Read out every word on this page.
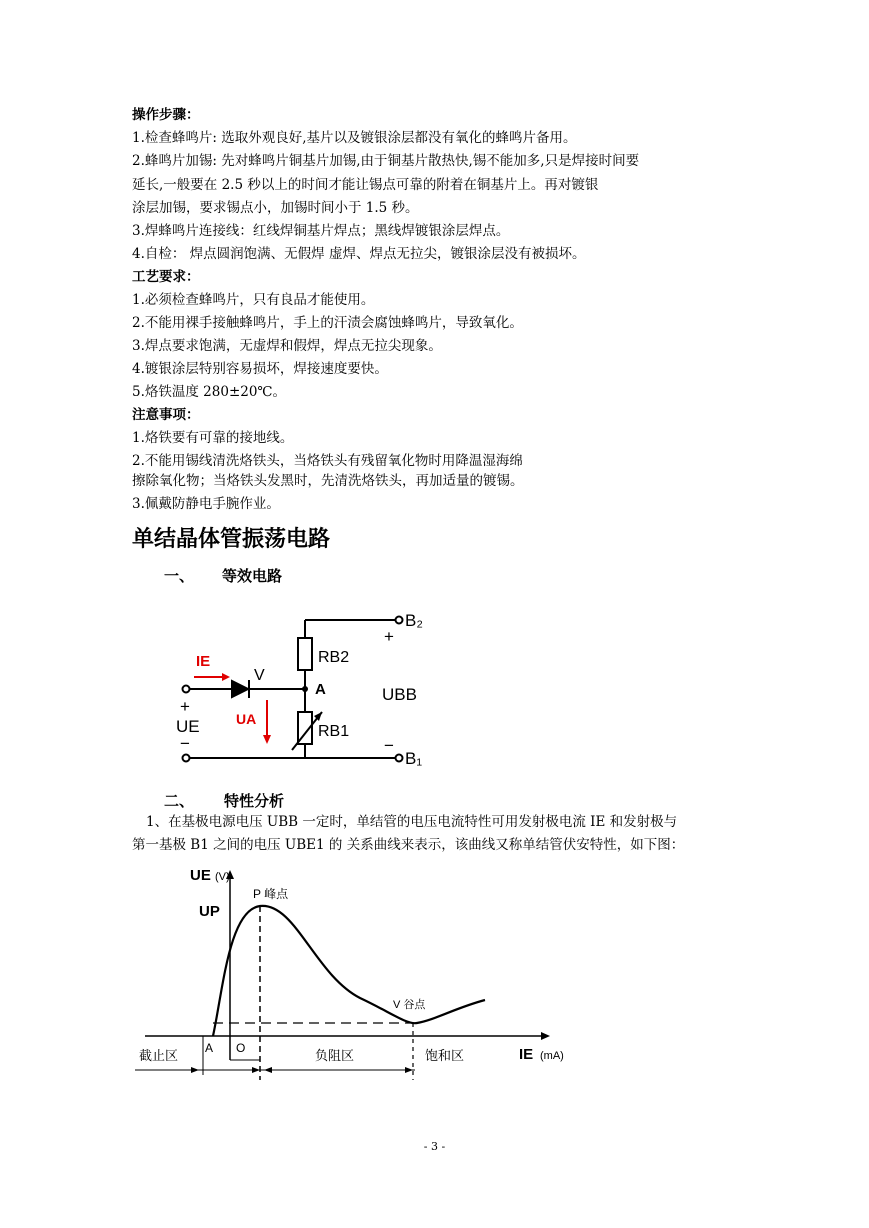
操作步骤：
1.检查蜂鸣片: 选取外观良好,基片以及镀银涂层都没有氧化的蜂鸣片备用。
2.蜂鸣片加锡: 先对蜂鸣片铜基片加锡,由于铜基片散热快,锡不能加多,只是焊接时间要
延长,一般要在 2.5 秒以上的时间才能让锡点可靠的附着在铜基片上。再对镀银
涂层加锡，要求锡点小，加锡时间小于 1.5 秒。
3.焊蜂鸣片连接线：红线焊铜基片焊点；黑线焊镀银涂层焊点。
4.自检： 焊点圆润饱满、无假焊 虚焊、焊点无拉尖，镀银涂层没有被损坏。
工艺要求：
1.必须检查蜂鸣片，只有良品才能使用。
2.不能用裸手接触蜂鸣片，手上的汗渍会腐蚀蜂鸣片，导致氧化。
3.焊点要求饱满，无虚焊和假焊，焊点无拉尖现象。
4.镀银涂层特别容易损坏，焊接速度要快。
5.烙铁温度 280±20℃。
注意事项：
1.烙铁要有可靠的接地线。
2.不能用锡线清洗烙铁头，当烙铁头有残留氧化物时用降温湿海绵
擦除氧化物；当烙铁头发黑时，先清洗烙铁头，再加适量的镀锡。
3.佩戴防静电手腕作业。
单结晶体管振荡电路
一、 等效电路
B₂
+
RB2
A	UBB
RB1
−
B₁
IE
V
UA
+
UE
−
二、 特性分析
1、在基极电源电压 UBB 一定时，单结管的电压电流特性可用发射极电流 IE 和发射极与
第一基极 B1 之间的电压 UBE1 的 关系曲线来表示，该曲线又称单结管伏安特性，如下图：
UE (V)
P 峰点
UP
V 谷点
A O
截止区	负阻区	饱和区	IE (mA)
- 3 -
